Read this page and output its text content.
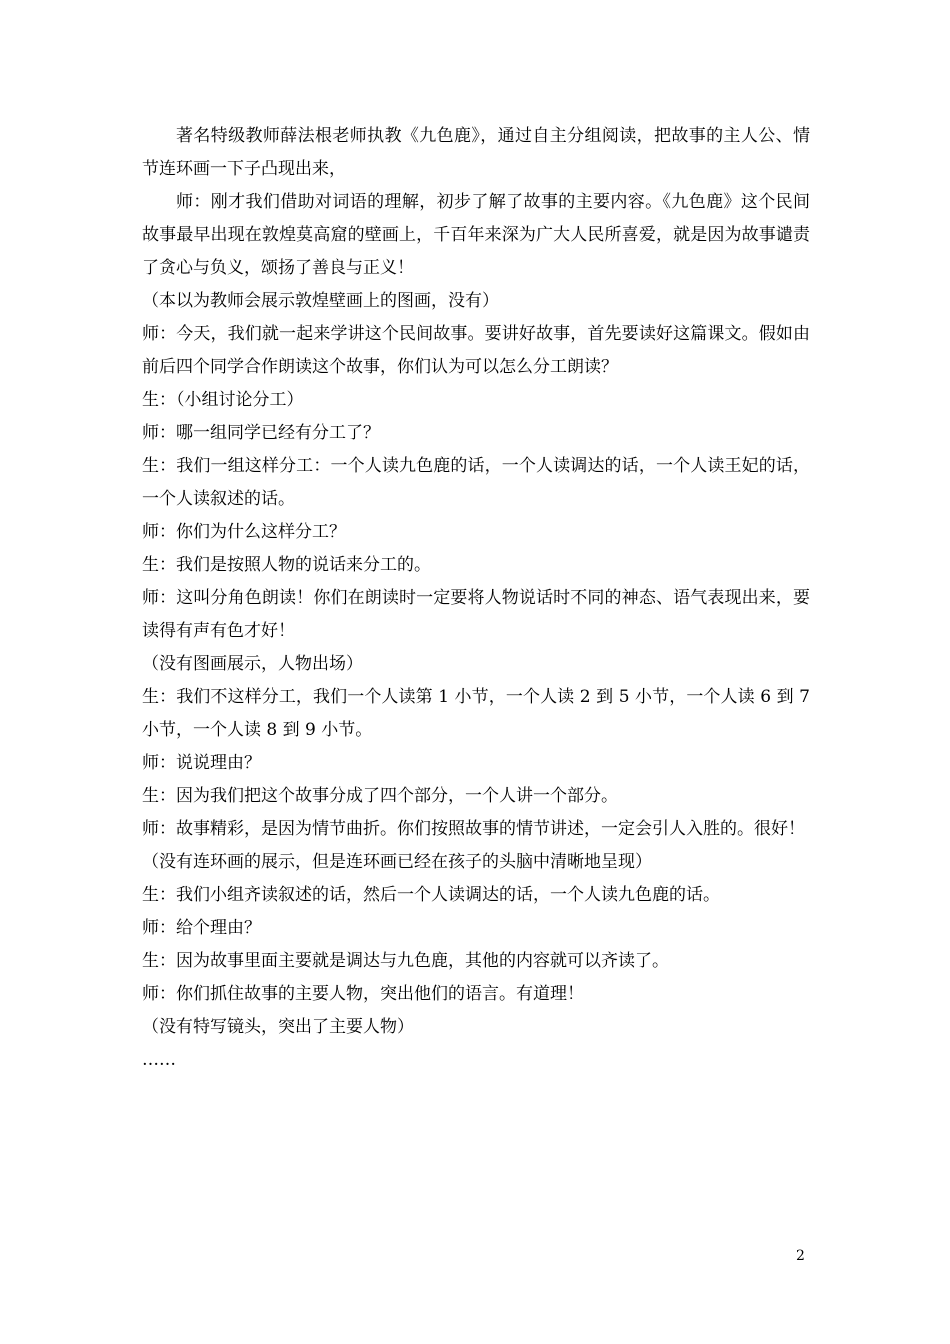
著名特级教师薛法根老师执教《九色鹿》，通过自主分组阅读，把故事的主人公、情节连环画一下子凸现出来，

师：刚才我们借助对词语的理解，初步了解了故事的主要内容。《九色鹿》这个民间故事最早出现在敦煌莫高窟的壁画上，千百年来深为广大人民所喜爱，就是因为故事谴责了贪心与负义，颂扬了善良与正义！

（本以为教师会展示敦煌壁画上的图画，没有）

师：今天，我们就一起来学讲这个民间故事。要讲好故事，首先要读好这篇课文。假如由前后四个同学合作朗读这个故事，你们认为可以怎么分工朗读？

生：（小组讨论分工）

师：哪一组同学已经有分工了？

生：我们一组这样分工：一个人读九色鹿的话，一个人读调达的话，一个人读王妃的话，一个人读叙述的话。

师：你们为什么这样分工？

生：我们是按照人物的说话来分工的。

师：这叫分角色朗读！你们在朗读时一定要将人物说话时不同的神态、语气表现出来，要读得有声有色才好！

（没有图画展示，人物出场）

生：我们不这样分工，我们一个人读第 1 小节，一个人读 2 到 5 小节，一个人读 6 到 7 小节，一个人读 8 到 9 小节。

师：说说理由？

生：因为我们把这个故事分成了四个部分，一个人讲一个部分。

师：故事精彩，是因为情节曲折。你们按照故事的情节讲述，一定会引人入胜的。很好！

（没有连环画的展示，但是连环画已经在孩子的头脑中清晰地呈现）

生：我们小组齐读叙述的话，然后一个人读调达的话，一个人读九色鹿的话。

师：给个理由？

生：因为故事里面主要就是调达与九色鹿，其他的内容就可以齐读了。

师：你们抓住故事的主要人物，突出他们的语言。有道理！

（没有特写镜头，突出了主要人物）

……

2
